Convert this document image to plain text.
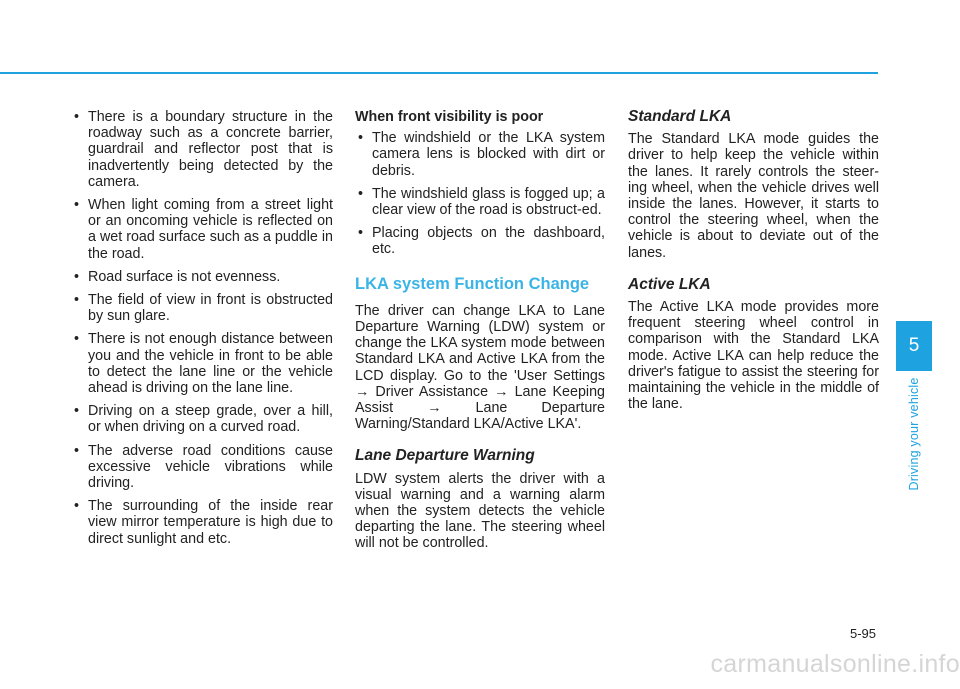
• There is a boundary structure in the roadway such as a concrete barrier, guardrail and reflector post that is inadvertently being detected by the camera.
• When light coming from a street light or an oncoming vehicle is reflected on a wet road surface such as a puddle in the road.
• Road surface is not evenness.
• The field of view in front is obstructed by sun glare.
• There is not enough distance between you and the vehicle in front to be able to detect the lane line or the vehicle ahead is driving on the lane line.
• Driving on a steep grade, over a hill, or when driving on a curved road.
• The adverse road conditions cause excessive vehicle vibrations while driving.
• The surrounding of the inside rear view mirror temperature is high due to direct sunlight and etc.
When front visibility is poor
• The windshield or the LKA system camera lens is blocked with dirt or debris.
• The windshield glass is fogged up; a clear view of the road is obstruct-ed.
• Placing objects on the dashboard, etc.
LKA system Function Change

The driver can change LKA to Lane Departure Warning (LDW) system or change the LKA system mode between Standard LKA and Active LKA from the LCD display. Go to the 'User Settings → Driver Assistance → Lane Keeping Assist → Lane Departure Warning/Standard LKA/Active LKA'.

Lane Departure Warning

LDW system alerts the driver with a visual warning and a warning alarm when the system detects the vehicle departing the lane. The steering wheel will not be controlled.

Standard LKA

The Standard LKA mode guides the driver to help keep the vehicle within the lanes. It rarely controls the steer-ing wheel, when the vehicle drives well inside the lanes. However, it starts to control the steering wheel, when the vehicle is about to deviate out of the lanes.

Active LKA

The Active LKA mode provides more frequent steering wheel control in comparison with the Standard LKA mode. Active LKA can help reduce the driver's fatigue to assist the steering for maintaining the vehicle in the middle of the lane.

5
Driving your vehicle
5-95
carmanualsonline.info
